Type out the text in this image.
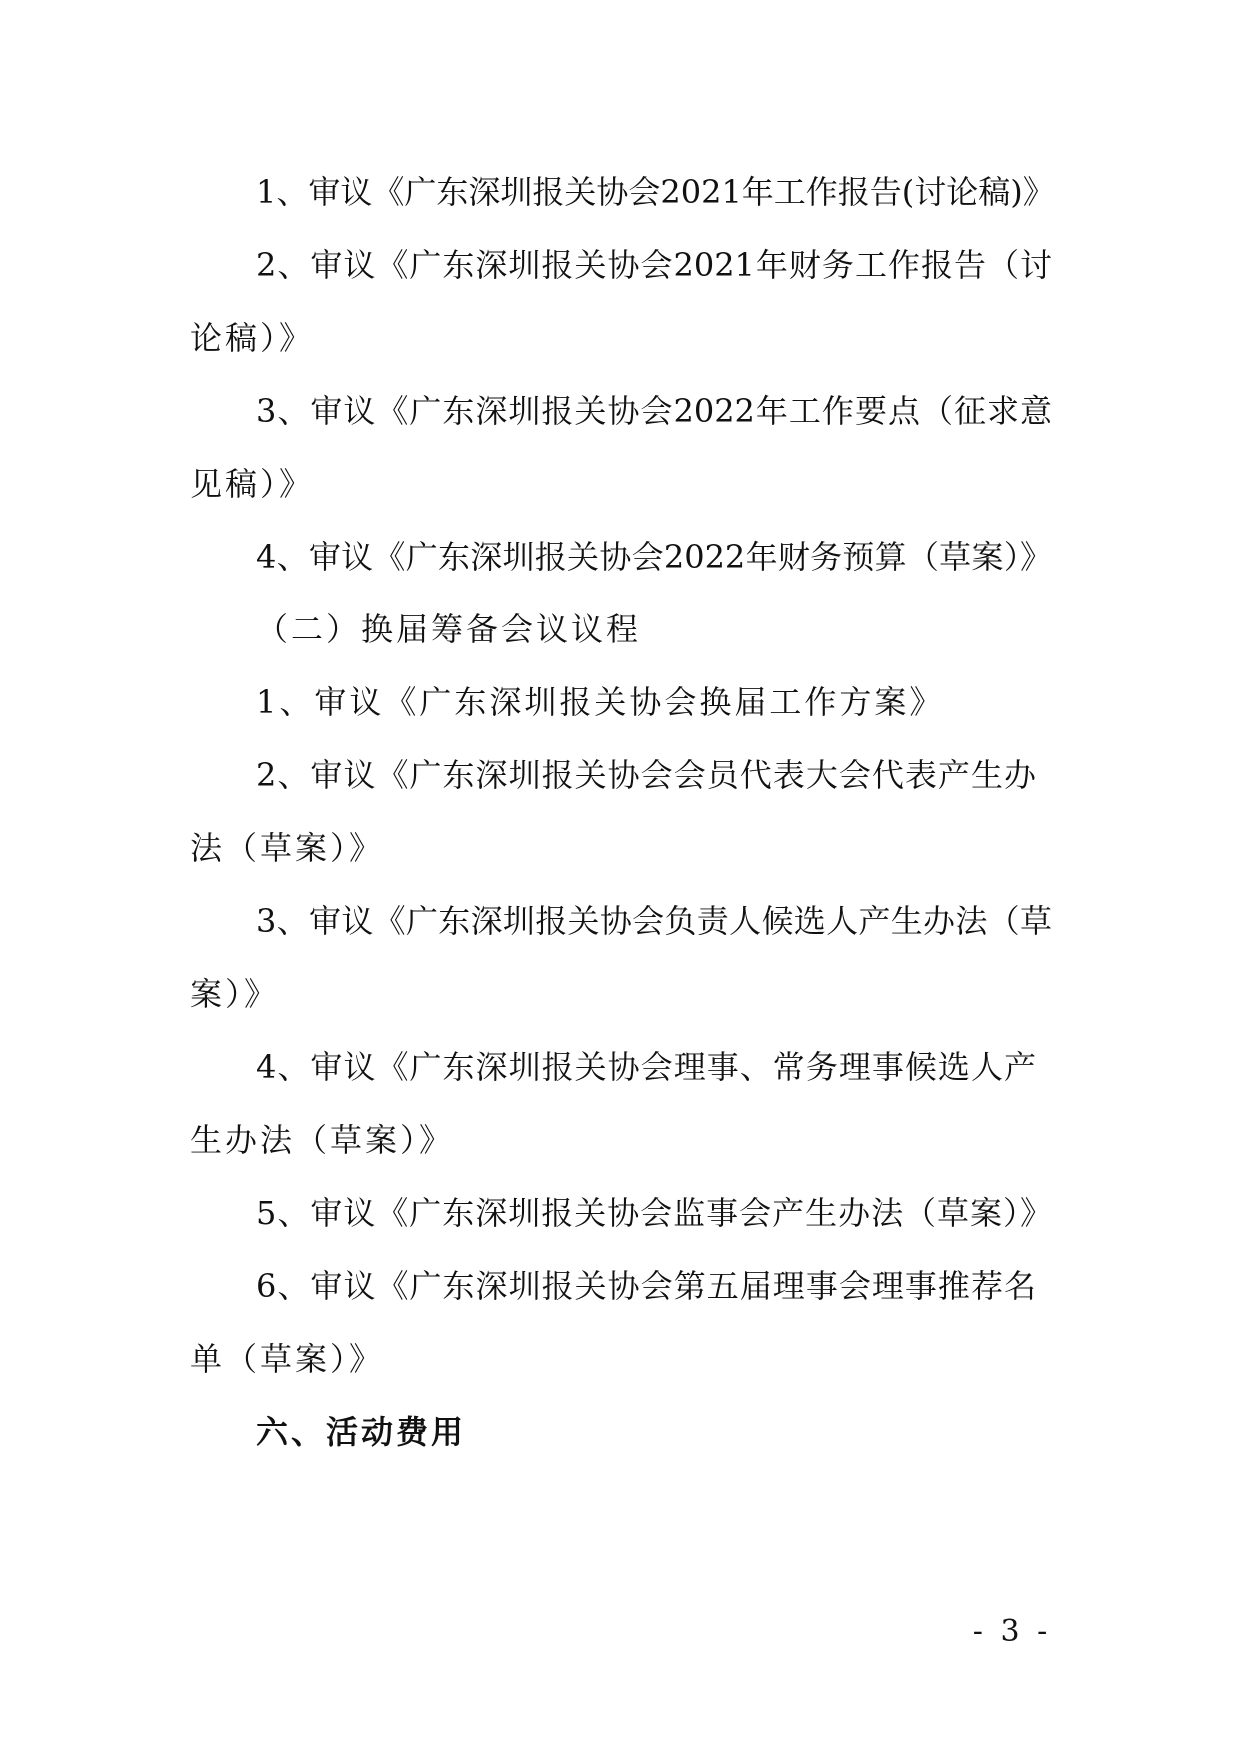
1、审议《广东深圳报关协会2021年工作报告(讨论稿)》

2、审议《广东深圳报关协会2021年财务工作报告（讨

论稿）》

3、审议《广东深圳报关协会2022年工作要点（征求意

见稿）》

4、审议《广东深圳报关协会2022年财务预算（草案）》

（二）换届筹备会议议程

1、审议《广东深圳报关协会换届工作方案》

2、审议《广东深圳报关协会会员代表大会代表产生办

法（草案）》

3、审议《广东深圳报关协会负责人候选人产生办法（草

案）》

4、审议《广东深圳报关协会理事、常务理事候选人产

生办法（草案）》

5、审议《广东深圳报关协会监事会产生办法（草案）》

6、审议《广东深圳报关协会第五届理事会理事推荐名

单（草案）》

六、活动费用

- 3 -
